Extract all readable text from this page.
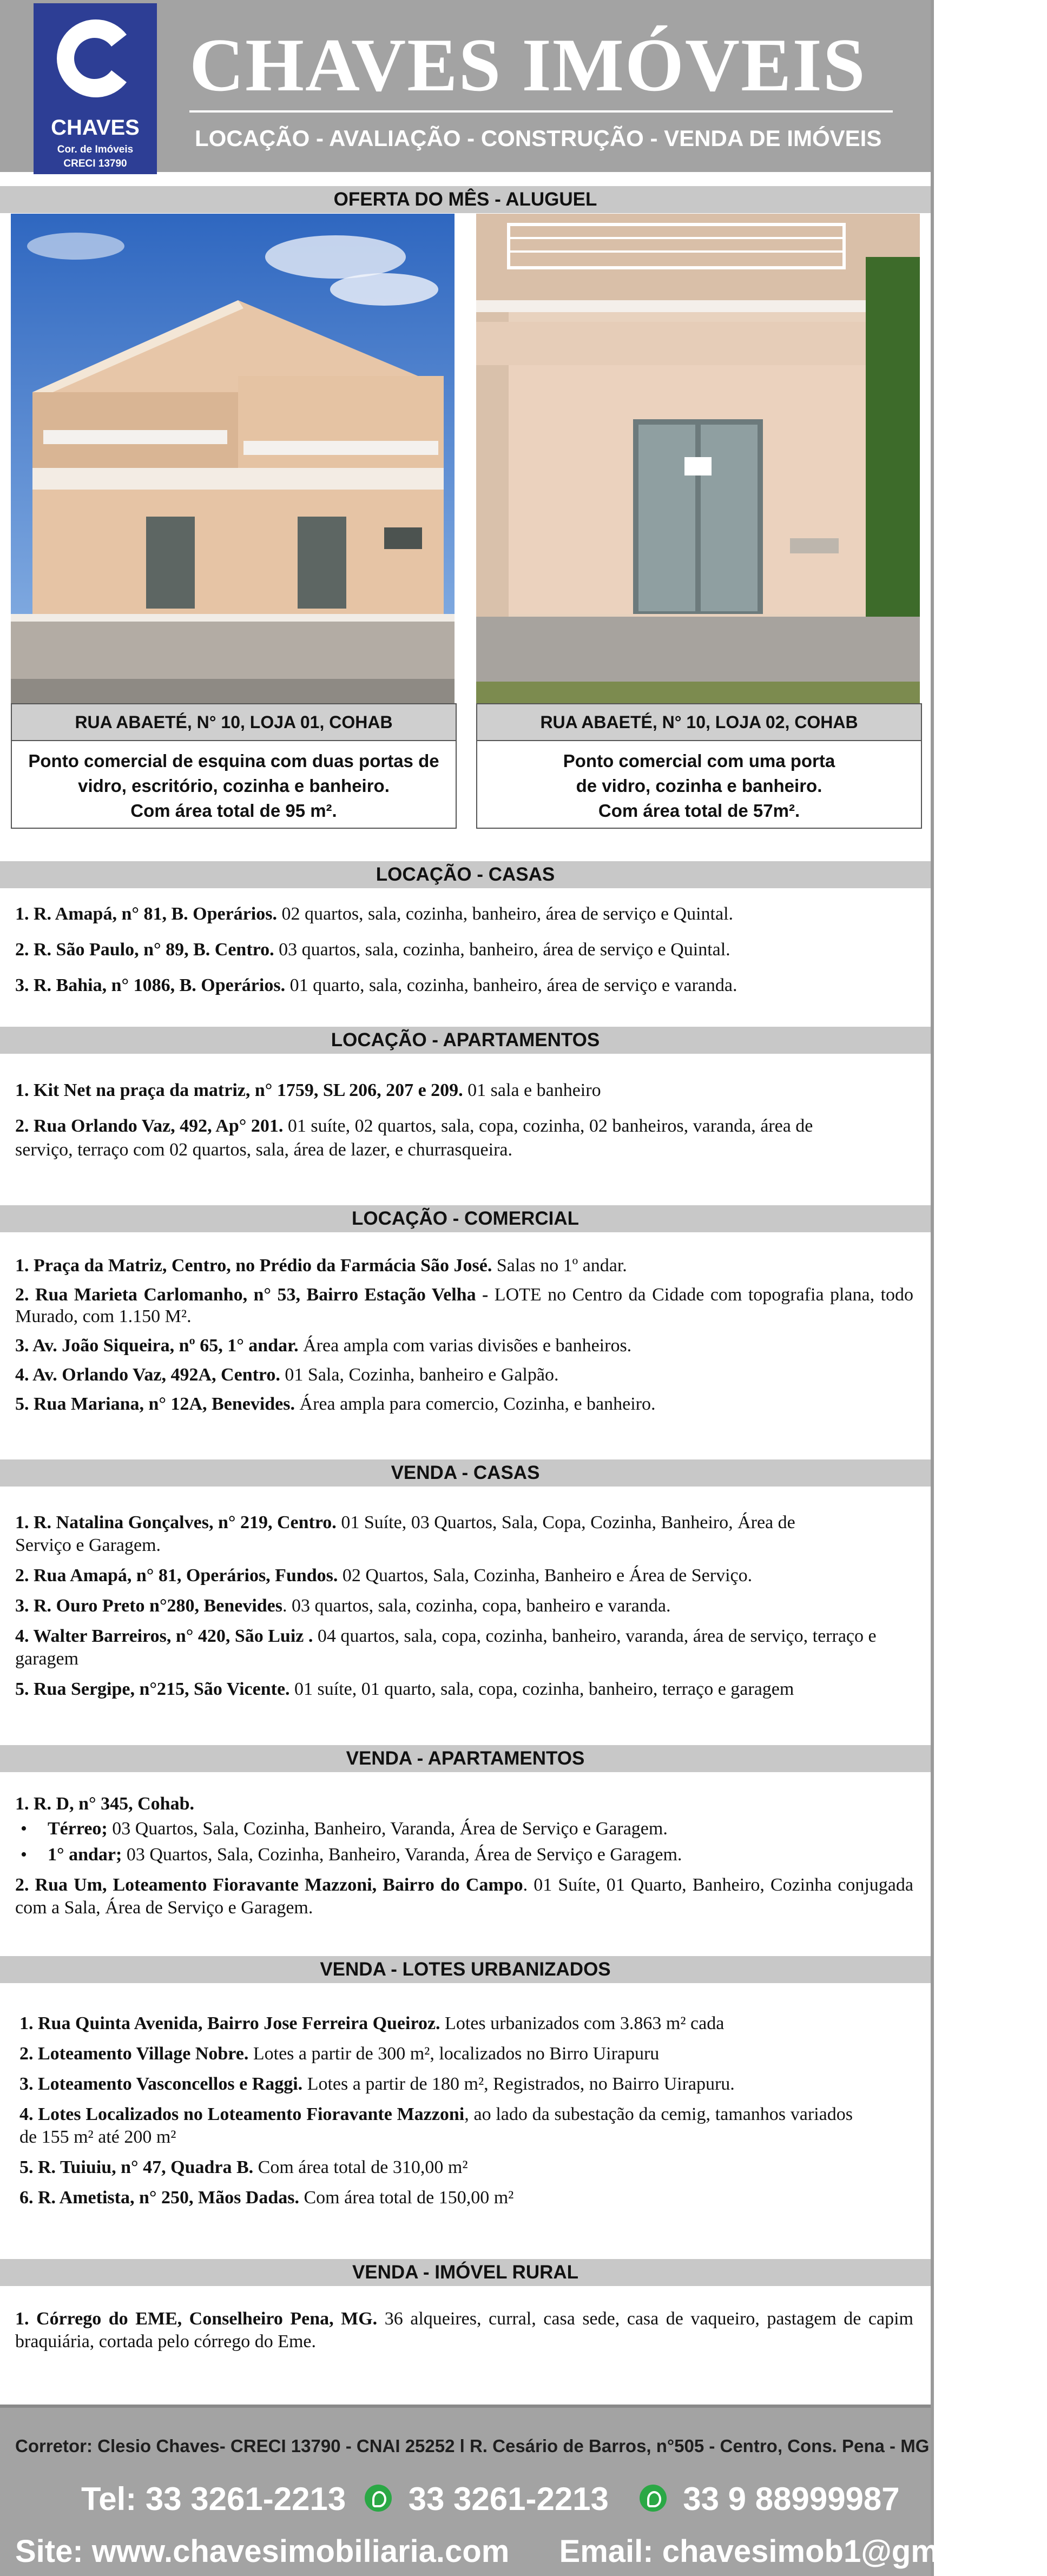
CHAVES
Cor. de Imóveis
CRECI 13790
CHAVES IMÓVEIS
LOCAÇÃO - AVALIAÇÃO - CONSTRUÇÃO - VENDA DE IMÓVEIS
OFERTA DO MÊS - ALUGUEL
RUA ABAETÉ, N° 10, LOJA 01, COHAB
Ponto comercial de esquina com duas portas de
vidro, escritório, cozinha e banheiro.
Com área total de 95 m².
RUA ABAETÉ, N° 10, LOJA 02, COHAB
Ponto comercial com uma porta
de vidro, cozinha e banheiro.
Com área total de 57m².
LOCAÇÃO - CASAS
1. R. Amapá, n° 81, B. Operários. 02 quartos, sala, cozinha, banheiro, área de serviço e Quintal.
2. R. São Paulo, n° 89, B. Centro. 03 quartos, sala, cozinha, banheiro, área de serviço e Quintal.
3. R. Bahia, n° 1086, B. Operários. 01 quarto, sala, cozinha, banheiro, área de serviço e varanda.
LOCAÇÃO - APARTAMENTOS
1. Kit Net na praça da matriz, n° 1759, SL 206, 207 e 209. 01 sala e banheiro
2. Rua Orlando Vaz, 492, Ap° 201. 01 suíte, 02 quartos, sala, copa, cozinha, 02 banheiros, varanda, área de serviço, terraço com 02 quartos, sala, área de lazer, e churrasqueira.
LOCAÇÃO - COMERCIAL
1. Praça da Matriz, Centro, no Prédio da Farmácia São José. Salas no 1º andar.
2. Rua Marieta Carlomanho, n° 53, Bairro Estação Velha - LOTE no Centro da Cidade com topografia plana, todo Murado, com 1.150 M².
3. Av. João Siqueira, nº 65, 1° andar. Área ampla com varias divisões e banheiros.
4. Av. Orlando Vaz, 492A, Centro. 01 Sala, Cozinha, banheiro e Galpão.
5. Rua Mariana, n° 12A, Benevides. Área ampla para comercio, Cozinha, e banheiro.
VENDA - CASAS
1. R. Natalina Gonçalves, n° 219, Centro. 01 Suíte, 03 Quartos, Sala, Copa, Cozinha, Banheiro, Área de Serviço e Garagem.
2. Rua Amapá, n° 81, Operários, Fundos. 02 Quartos, Sala, Cozinha, Banheiro e Área de Serviço.
3. R. Ouro Preto n°280, Benevides. 03 quartos, sala, cozinha, copa, banheiro e varanda.
4. Walter Barreiros, n° 420, São Luiz . 04 quartos, sala, copa, cozinha, banheiro, varanda, área de serviço, terraço e garagem
5. Rua Sergipe, n°215, São Vicente. 01 suíte, 01 quarto, sala, copa, cozinha, banheiro, terraço e garagem
VENDA - APARTAMENTOS
1. R. D, n° 345, Cohab.
• Térreo; 03 Quartos, Sala, Cozinha, Banheiro, Varanda, Área de Serviço e Garagem.
• 1° andar; 03 Quartos, Sala, Cozinha, Banheiro, Varanda, Área de Serviço e Garagem.
2. Rua Um, Loteamento Fioravante Mazzoni, Bairro do Campo. 01 Suíte, 01 Quarto, Banheiro, Cozinha conjugada com a Sala, Área de Serviço e Garagem.
VENDA - LOTES URBANIZADOS
1. Rua Quinta Avenida, Bairro Jose Ferreira Queiroz. Lotes urbanizados com 3.863 m² cada
2. Loteamento Village Nobre. Lotes a partir de 300 m², localizados no Birro Uirapuru
3. Loteamento Vasconcellos e Raggi. Lotes a partir de 180 m², Registrados, no Bairro Uirapuru.
4. Lotes Localizados no Loteamento Fioravante Mazzoni, ao lado da subestação da cemig, tamanhos variados de 155 m² até 200 m²
5. R. Tuiuiu, n° 47, Quadra B. Com área total de 310,00 m²
6. R. Ametista, n° 250, Mãos Dadas. Com área total de 150,00 m²
VENDA - IMÓVEL RURAL
1. Córrego do EME, Conselheiro Pena, MG. 36 alqueires, curral, casa sede, casa de vaqueiro, pastagem de capim braquiária, cortada pelo córrego do Eme.
Corretor: Clesio Chaves- CRECI 13790 - CNAI 25252 l R. Cesário de Barros, n°505 - Centro, Cons. Pena - MG
Tel: 33 3261-2213 33 3261-2213 33 9 88999987
Site: www.chavesimobiliaria.com Email: chavesimob1@gmail.com
